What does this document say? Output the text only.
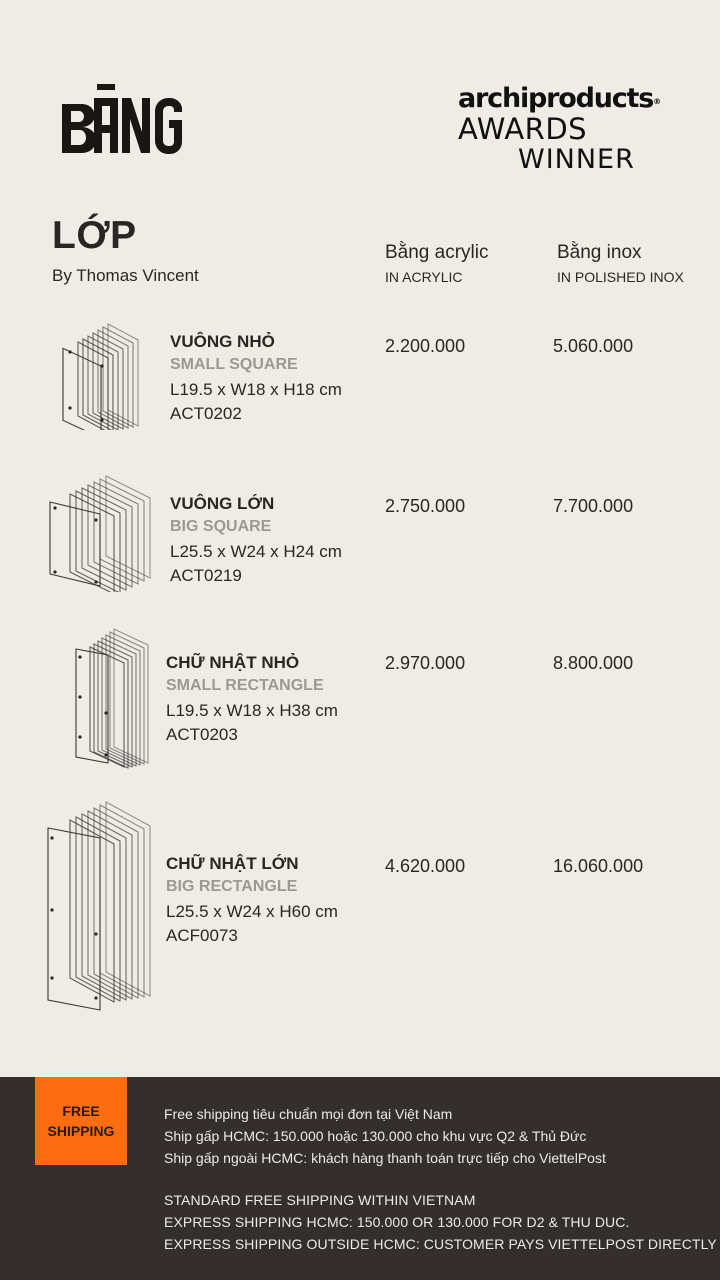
archiproducts®
AWARDS
WINNER
LỚP
By Thomas Vincent
Bằng acrylic
IN ACRYLIC
Bằng inox
IN POLISHED INOX
VUÔNG NHỎ
SMALL SQUARE
L19.5 x W18 x H18 cm
ACT0202
2.200.000	5.060.000
VUÔNG LỚN
BIG SQUARE
L25.5 x W24 x H24 cm
ACT0219
2.750.000	7.700.000
CHỮ NHẬT NHỎ
SMALL RECTANGLE
L19.5 x W18 x H38 cm
ACT0203
2.970.000	8.800.000
CHỮ NHẬT LỚN
BIG RECTANGLE
L25.5 x W24 x H60 cm
ACF0073
4.620.000	16.060.000
FREE
SHIPPING
Free shipping tiêu chuẩn mọi đơn tại Việt Nam
Ship gấp HCMC: 150.000 hoặc 130.000 cho khu vực Q2 & Thủ Đức
Ship gấp ngoài HCMC: khách hàng thanh toán trực tiếp cho ViettelPost
STANDARD FREE SHIPPING WITHIN VIETNAM
EXPRESS SHIPPING HCMC: 150.000 OR 130.000 FOR D2 & THU DUC.
EXPRESS SHIPPING OUTSIDE HCMC: CUSTOMER PAYS VIETTELPOST DIRECTLY
